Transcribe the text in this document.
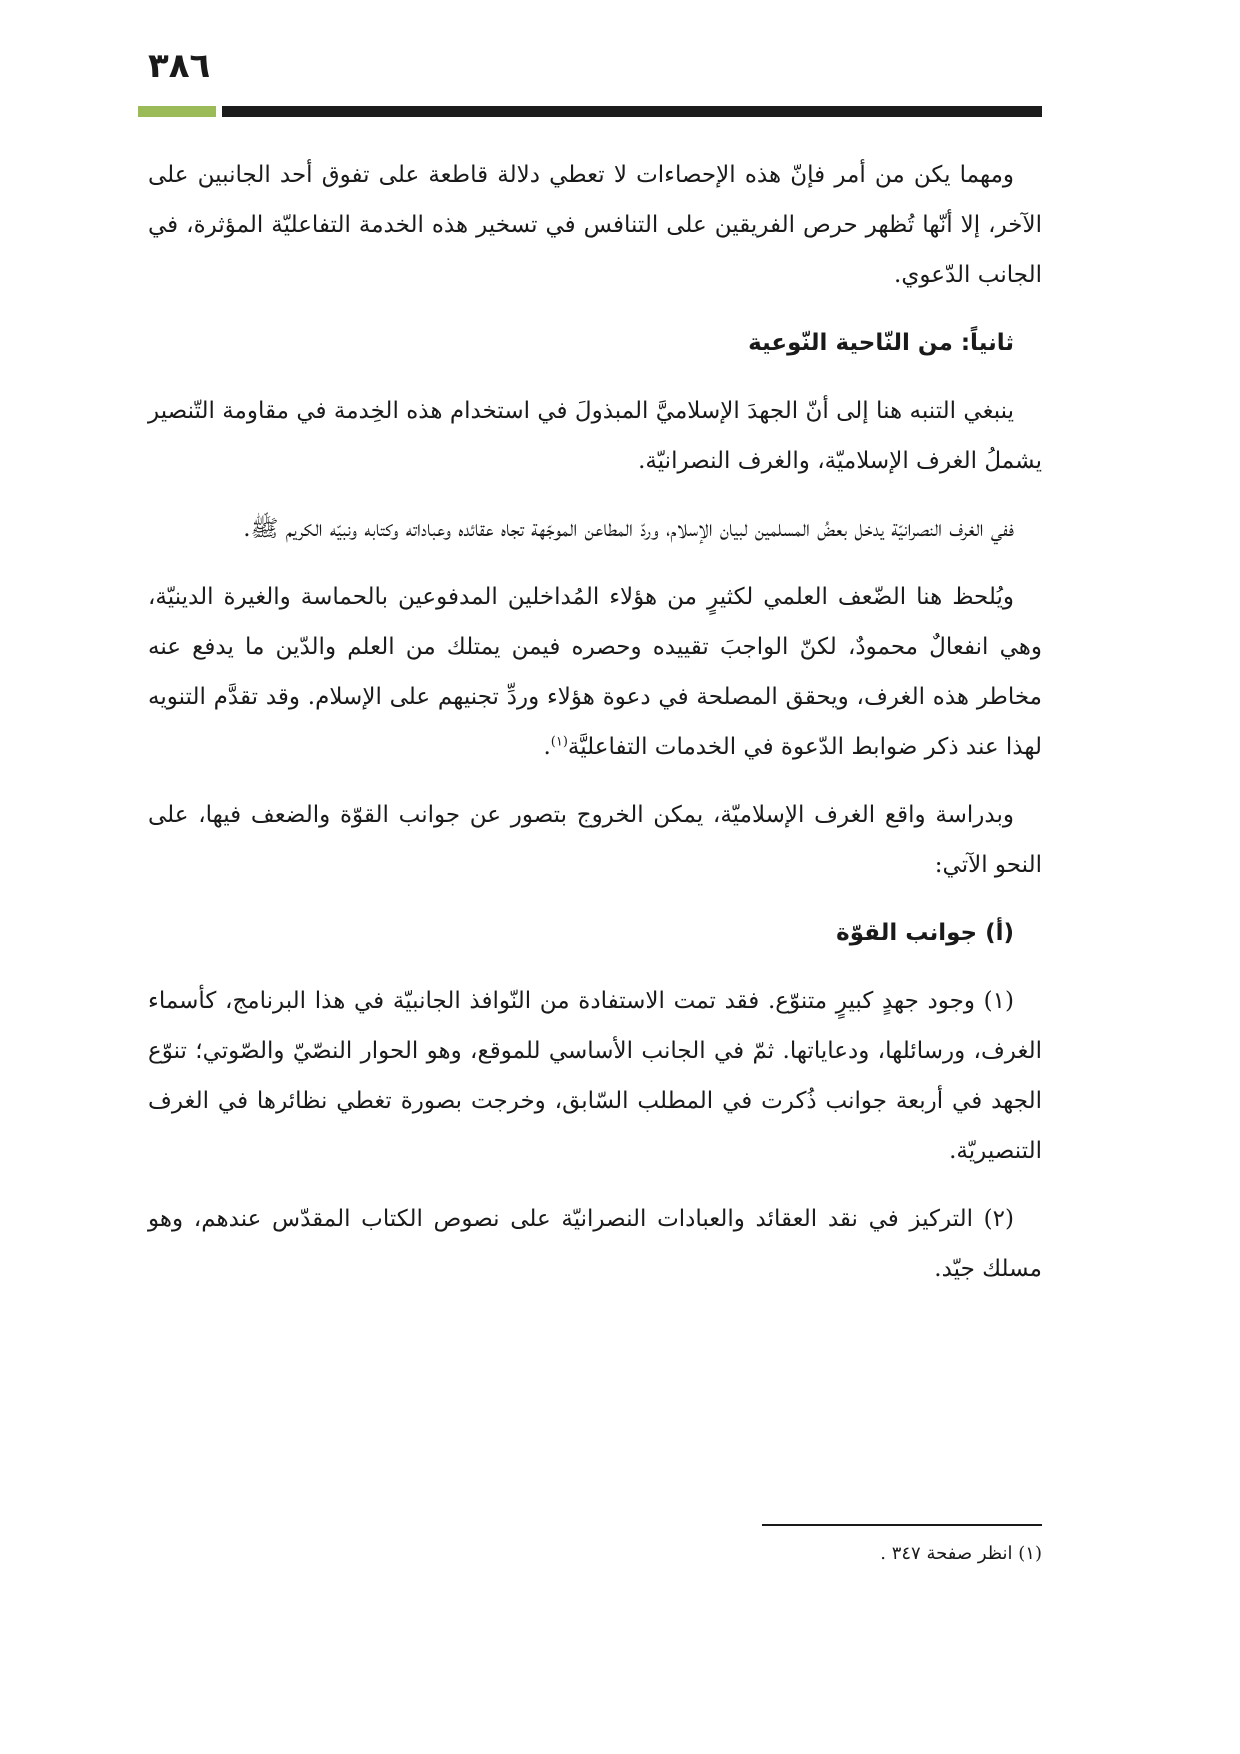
٣٨٦

ومهما يكن من أمر فإنّ هذه الإحصاءات لا تعطي دلالة قاطعة على تفوق أحد الجانبين على الآخر، إلا أنّها تُظهر حرص الفريقين على التنافس في تسخير هذه الخدمة التفاعليّة المؤثرة، في الجانب الدّعوي.

ثانياً: من النّاحية النّوعية

ينبغي التنبه هنا إلى أنّ الجهدَ الإسلاميَّ المبذولَ في استخدام هذه الخِدمة في مقاومة التّنصير يشملُ الغرف الإسلاميّة، والغرف النصرانيّة.

ففي الغرف النصرانيّة يدخل بعضُ المسلمين لبيان الإسلام، وردّ المطاعن الموجّهة تجاه عقائده وعباداته وكتابه ونبيّه الكريم ﷺ.

ويُلحظ هنا الضّعف العلمي لكثيرٍ من هؤلاء المُداخلين المدفوعين بالحماسة والغيرة الدينيّة، وهي انفعالٌ محمودٌ، لكنّ الواجبَ تقييده وحصره فيمن يمتلك من العلم والدّين ما يدفع عنه مخاطر هذه الغرف، ويحقق المصلحة في دعوة هؤلاء وردِّ تجنيهم على الإسلام. وقد تقدَّم التنويه لهذا عند ذكر ضوابط الدّعوة في الخدمات التفاعليَّة$^{(١)}$.

وبدراسة واقع الغرف الإسلاميّة، يمكن الخروج بتصور عن جوانب القوّة والضعف فيها، على النحو الآتي:

(أ) جوانب القوّة

(١) وجود جهدٍ كبيرٍ متنوّع. فقد تمت الاستفادة من النّوافذ الجانبيّة في هذا البرنامج، كأسماء الغرف، ورسائلها، ودعاياتها. ثمّ في الجانب الأساسي للموقع، وهو الحوار النصّيّ والصّوتي؛ تنوّع الجهد في أربعة جوانب ذُكرت في المطلب السّابق، وخرجت بصورة تغطي نظائرها في الغرف التنصيريّة.

(٢) التركيز في نقد العقائد والعبادات النصرانيّة على نصوص الكتاب المقدّس عندهم، وهو مسلك جيّد.

(١) انظر صفحة ٣٤٧ .
